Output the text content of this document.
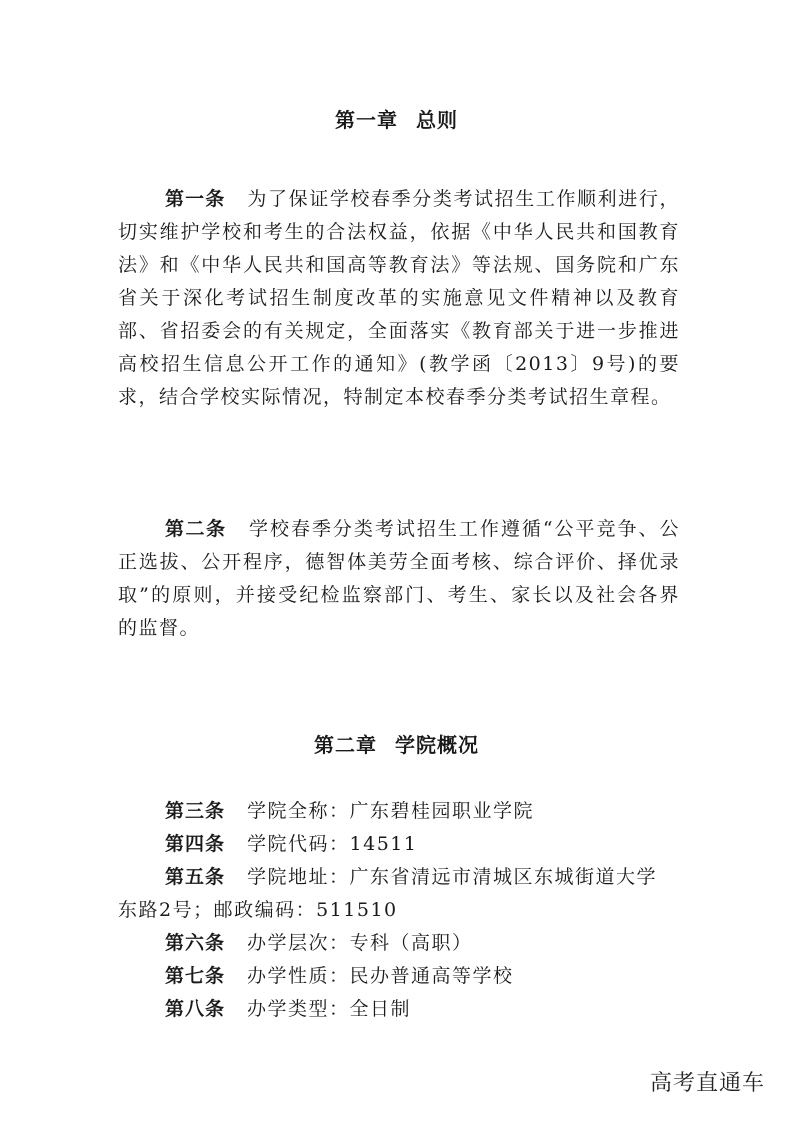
第一章 总则
第一条 为了保证学校春季分类考试招生工作顺利进行，切实维护学校和考生的合法权益，依据《中华人民共和国教育法》和《中华人民共和国高等教育法》等法规、国务院和广东省关于深化考试招生制度改革的实施意见文件精神以及教育部、省招委会的有关规定，全面落实《教育部关于进一步推进高校招生信息公开工作的通知》(教学函〔2013〕9号)的要求，结合学校实际情况，特制定本校春季分类考试招生章程。
第二条 学校春季分类考试招生工作遵循“公平竞争、公正选拔、公开程序，德智体美劳全面考核、综合评价、择优录取”的原则，并接受纪检监察部门、考生、家长以及社会各界的监督。
第二章 学院概况
第三条 学院全称：广东碧桂园职业学院
第四条 学院代码：14511
第五条 学院地址：广东省清远市清城区东城街道大学
东路2号；邮政编码：511510
第六条 办学层次：专科（高职）
第七条 办学性质：民办普通高等学校
第八条 办学类型：全日制
高考直通车
